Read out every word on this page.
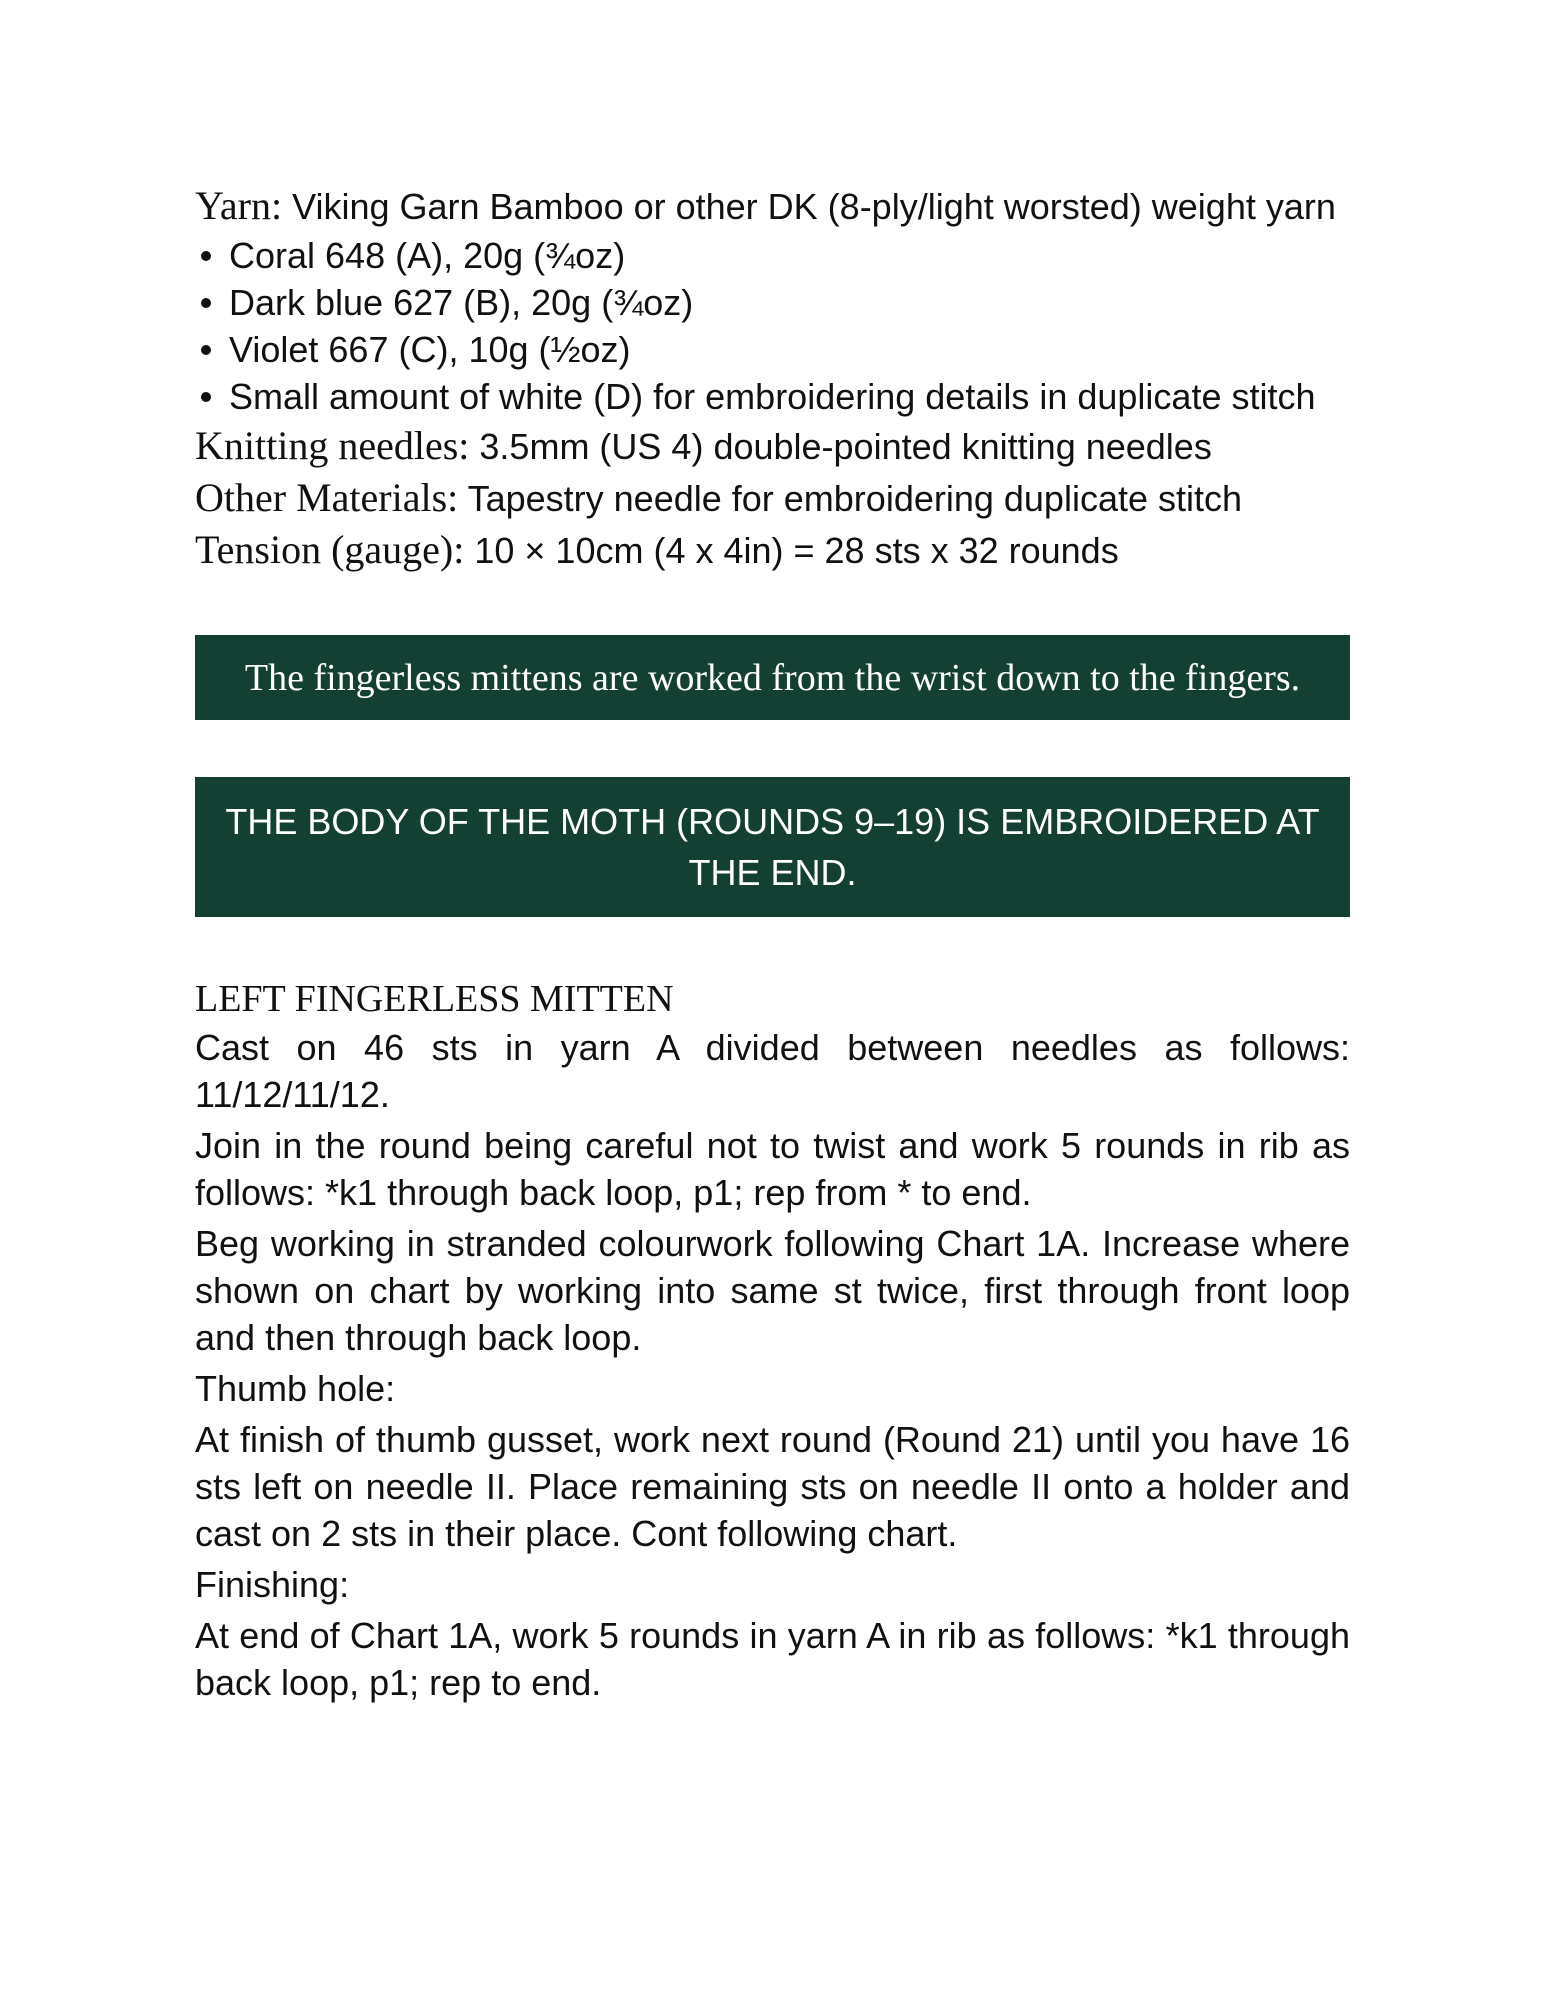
Yarn: Viking Garn Bamboo or other DK (8-ply/light worsted) weight yarn

Coral 648 (A), 20g (¾oz)
Dark blue 627 (B), 20g (¾oz)
Violet 667 (C), 10g (½oz)
Small amount of white (D) for embroidering details in duplicate stitch

Knitting needles: 3.5mm (US 4) double-pointed knitting needles

Other Materials: Tapestry needle for embroidering duplicate stitch

Tension (gauge): 10 × 10cm (4 x 4in) = 28 sts x 32 rounds

The fingerless mittens are worked from the wrist down to the fingers.
THE BODY OF THE MOTH (ROUNDS 9–19) IS EMBROIDERED AT THE END.
LEFT FINGERLESS MITTEN

Cast on 46 sts in yarn A divided between needles as follows: 11/12/11/12.

Join in the round being careful not to twist and work 5 rounds in rib as follows: *k1 through back loop, p1; rep from * to end.

Beg working in stranded colourwork following Chart 1A. Increase where shown on chart by working into same st twice, first through front loop and then through back loop.

Thumb hole:

At finish of thumb gusset, work next round (Round 21) until you have 16 sts left on needle II. Place remaining sts on needle II onto a holder and cast on 2 sts in their place. Cont following chart.

Finishing:

At end of Chart 1A, work 5 rounds in yarn A in rib as follows: *k1 through back loop, p1; rep to end.
